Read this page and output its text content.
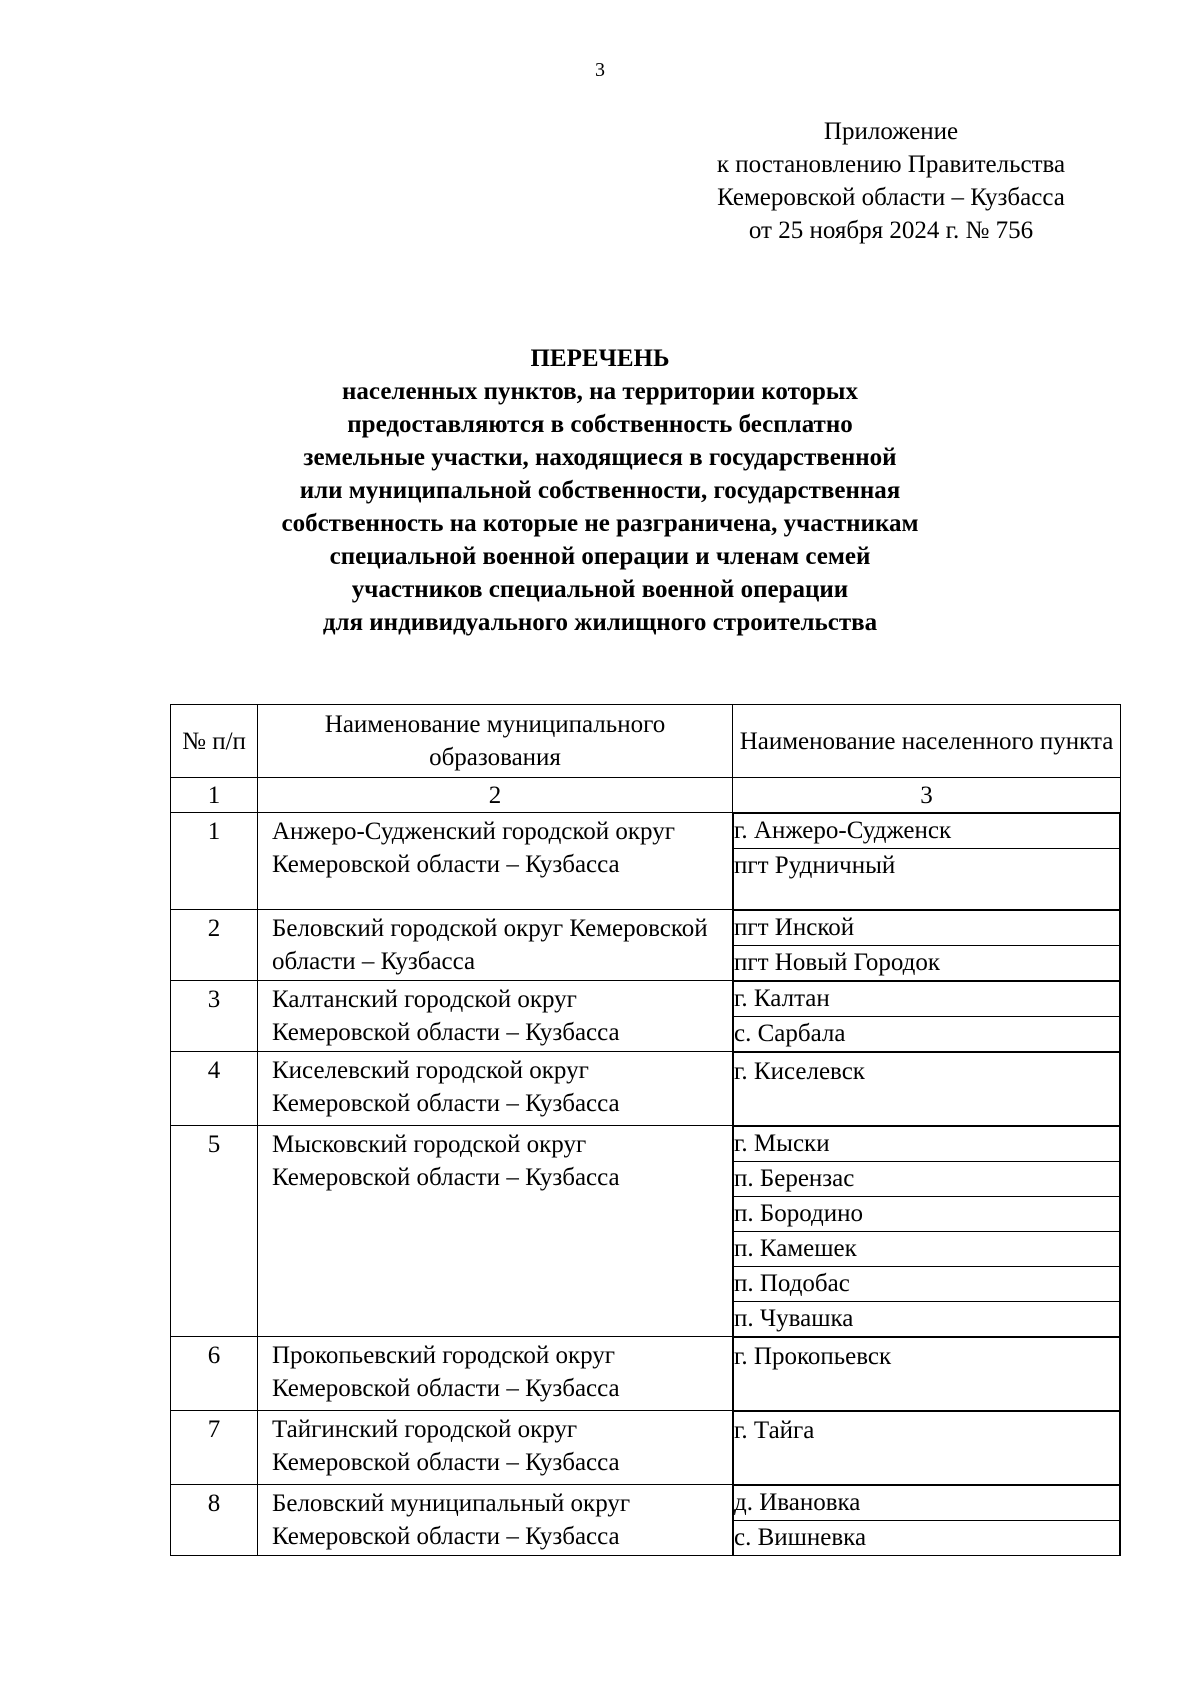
3
Приложение
к постановлению Правительства
Кемеровской области – Кузбасса
от 25 ноября 2024 г. № 756
ПЕРЕЧЕНЬ
населенных пунктов, на территории которых
предоставляются в собственность бесплатно
земельные участки, находящиеся в государственной
или муниципальной собственности, государственная
собственность на которые не разграничена, участникам
специальной военной операции и членам семей
участников специальной военной операции
для индивидуального жилищного строительства
№ п/п	Наименование муниципального образования	Наименование населенного пункта
1	2	3

1	Анжеро-Судженский городской округ Кемеровской области – Кузбасса

г. Анжеро-Судженск
пгт Рудничный

2	Беловский городской округ Кемеровской области – Кузбасса

пгт Инской
пгт Новый Городок

3	Калтанский городской округ Кемеровской области – Кузбасса

г. Калтан
с. Сарбала

4	Киселевский городской округ Кемеровской области – Кузбасса

г. Киселевск

5	Мысковский городской округ Кемеровской области – Кузбасса

г. Мыски
п. Берензас
п. Бородино
п. Камешек
п. Подобас
п. Чувашка

6	Прокопьевский городской округ Кемеровской области – Кузбасса

г. Прокопьевск

7	Тайгинский городской округ Кемеровской области – Кузбасса

г. Тайга

8	Беловский муниципальный округ Кемеровской области – Кузбасса

д. Ивановка
с. Вишневка
